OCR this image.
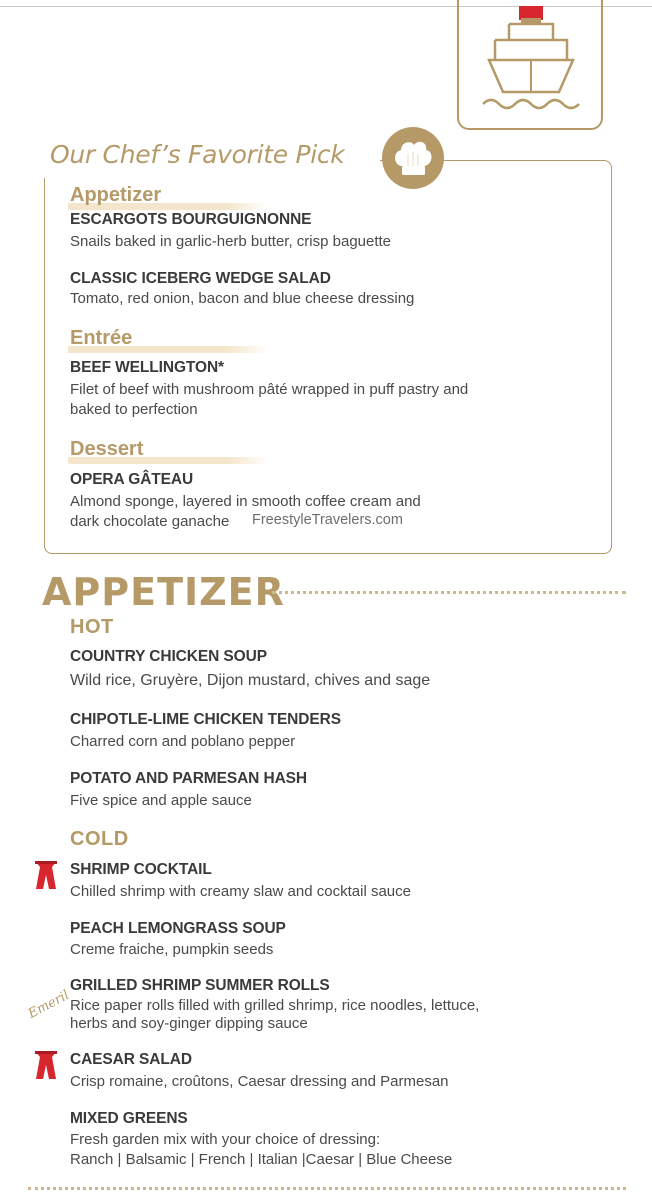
Our Chef’s Favorite Pick
Appetizer
ESCARGOTS BOURGUIGNONNE
Snails baked in garlic-herb butter, crisp baguette
CLASSIC ICEBERG WEDGE SALAD
Tomato, red onion, bacon and blue cheese dressing
Entrée
BEEF WELLINGTON*
Filet of beef with mushroom pâté wrapped in puff pastry and
baked to perfection
Dessert
OPERA GÂTEAU
Almond sponge, layered in smooth coffee cream and
dark chocolate ganache FreestyleTravelers.com
APPETIZER
HOT
COUNTRY CHICKEN SOUP
Wild rice, Gruyère, Dijon mustard, chives and sage
CHIPOTLE-LIME CHICKEN TENDERS
Charred corn and poblano pepper
POTATO AND PARMESAN HASH
Five spice and apple sauce
COLD
SHRIMP COCKTAIL
Chilled shrimp with creamy slaw and cocktail sauce
PEACH LEMONGRASS SOUP
Creme fraiche, pumpkin seeds
Emeril
GRILLED SHRIMP SUMMER ROLLS
Rice paper rolls filled with grilled shrimp, rice noodles, lettuce,
herbs and soy-ginger dipping sauce
CAESAR SALAD
Crisp romaine, croûtons, Caesar dressing and Parmesan
MIXED GREENS
Fresh garden mix with your choice of dressing:
Ranch | Balsamic | French | Italian |Caesar | Blue Cheese
